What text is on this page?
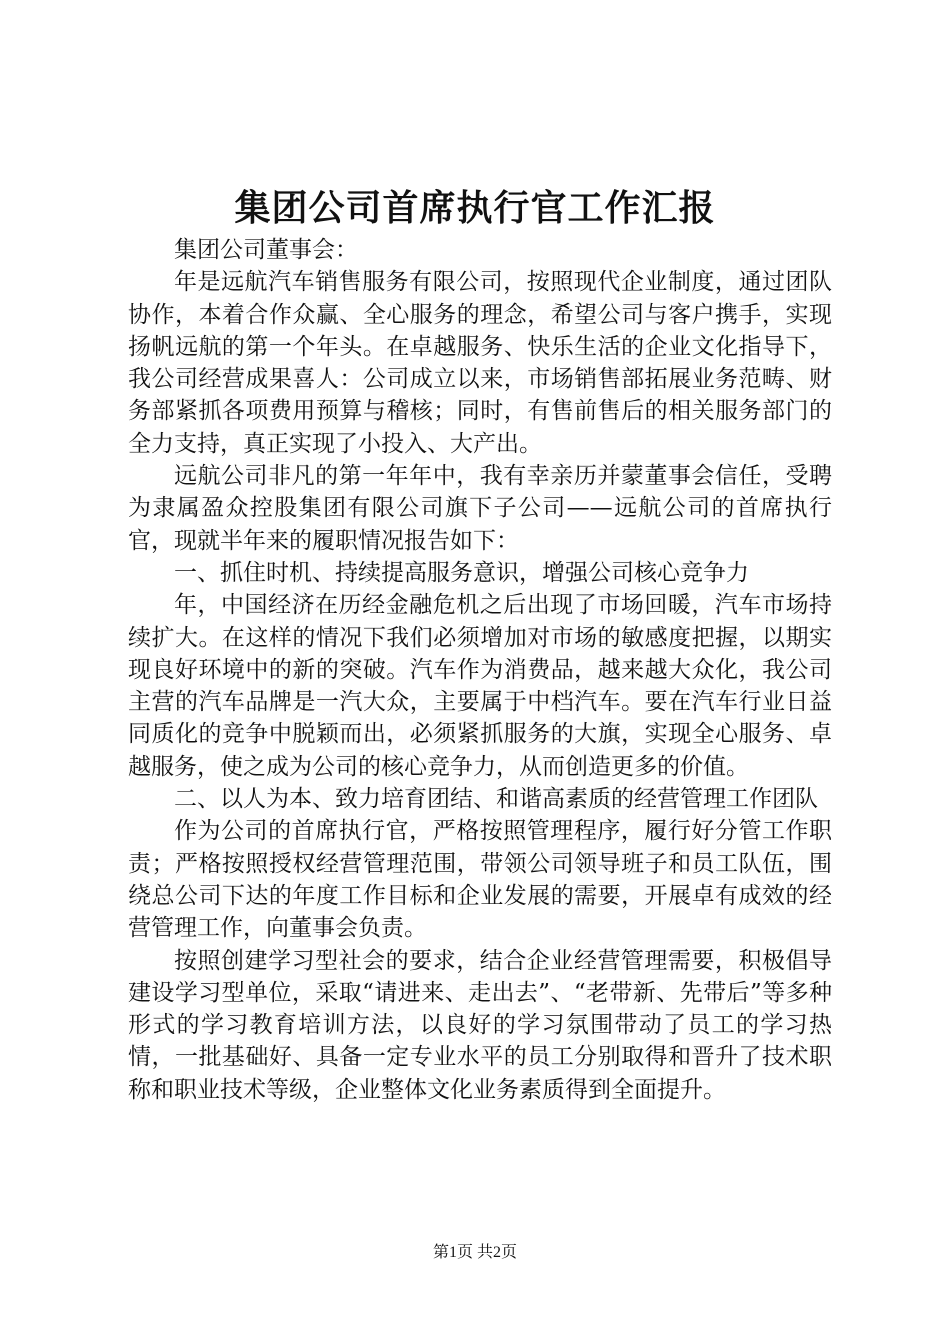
集团公司首席执行官工作汇报

集团公司董事会：

年是远航汽车销售服务有限公司，按照现代企业制度，通过团队协作，本着合作众赢、全心服务的理念，希望公司与客户携手，实现扬帆远航的第一个年头。在卓越服务、快乐生活的企业文化指导下，我公司经营成果喜人：公司成立以来，市场销售部拓展业务范畴、财务部紧抓各项费用预算与稽核；同时，有售前售后的相关服务部门的全力支持，真正实现了小投入、大产出。

远航公司非凡的第一年年中，我有幸亲历并蒙董事会信任，受聘为隶属盈众控股集团有限公司旗下子公司——远航公司的首席执行官，现就半年来的履职情况报告如下：

一、抓住时机、持续提高服务意识，增强公司核心竞争力

年，中国经济在历经金融危机之后出现了市场回暖，汽车市场持续扩大。在这样的情况下我们必须增加对市场的敏感度把握，以期实现良好环境中的新的突破。汽车作为消费品，越来越大众化，我公司主营的汽车品牌是一汽大众，主要属于中档汽车。要在汽车行业日益同质化的竞争中脱颖而出，必须紧抓服务的大旗，实现全心服务、卓越服务，使之成为公司的核心竞争力，从而创造更多的价值。

二、以人为本、致力培育团结、和谐高素质的经营管理工作团队

作为公司的首席执行官，严格按照管理程序，履行好分管工作职责；严格按照授权经营管理范围，带领公司领导班子和员工队伍，围绕总公司下达的年度工作目标和企业发展的需要，开展卓有成效的经营管理工作，向董事会负责。

按照创建学习型社会的要求，结合企业经营管理需要，积极倡导建设学习型单位，采取“请进来、走出去”、“老带新、先带后”等多种形式的学习教育培训方法，以良好的学习氛围带动了员工的学习热情，一批基础好、具备一定专业水平的员工分别取得和晋升了技术职称和职业技术等级，企业整体文化业务素质得到全面提升。

第1页 共2页
